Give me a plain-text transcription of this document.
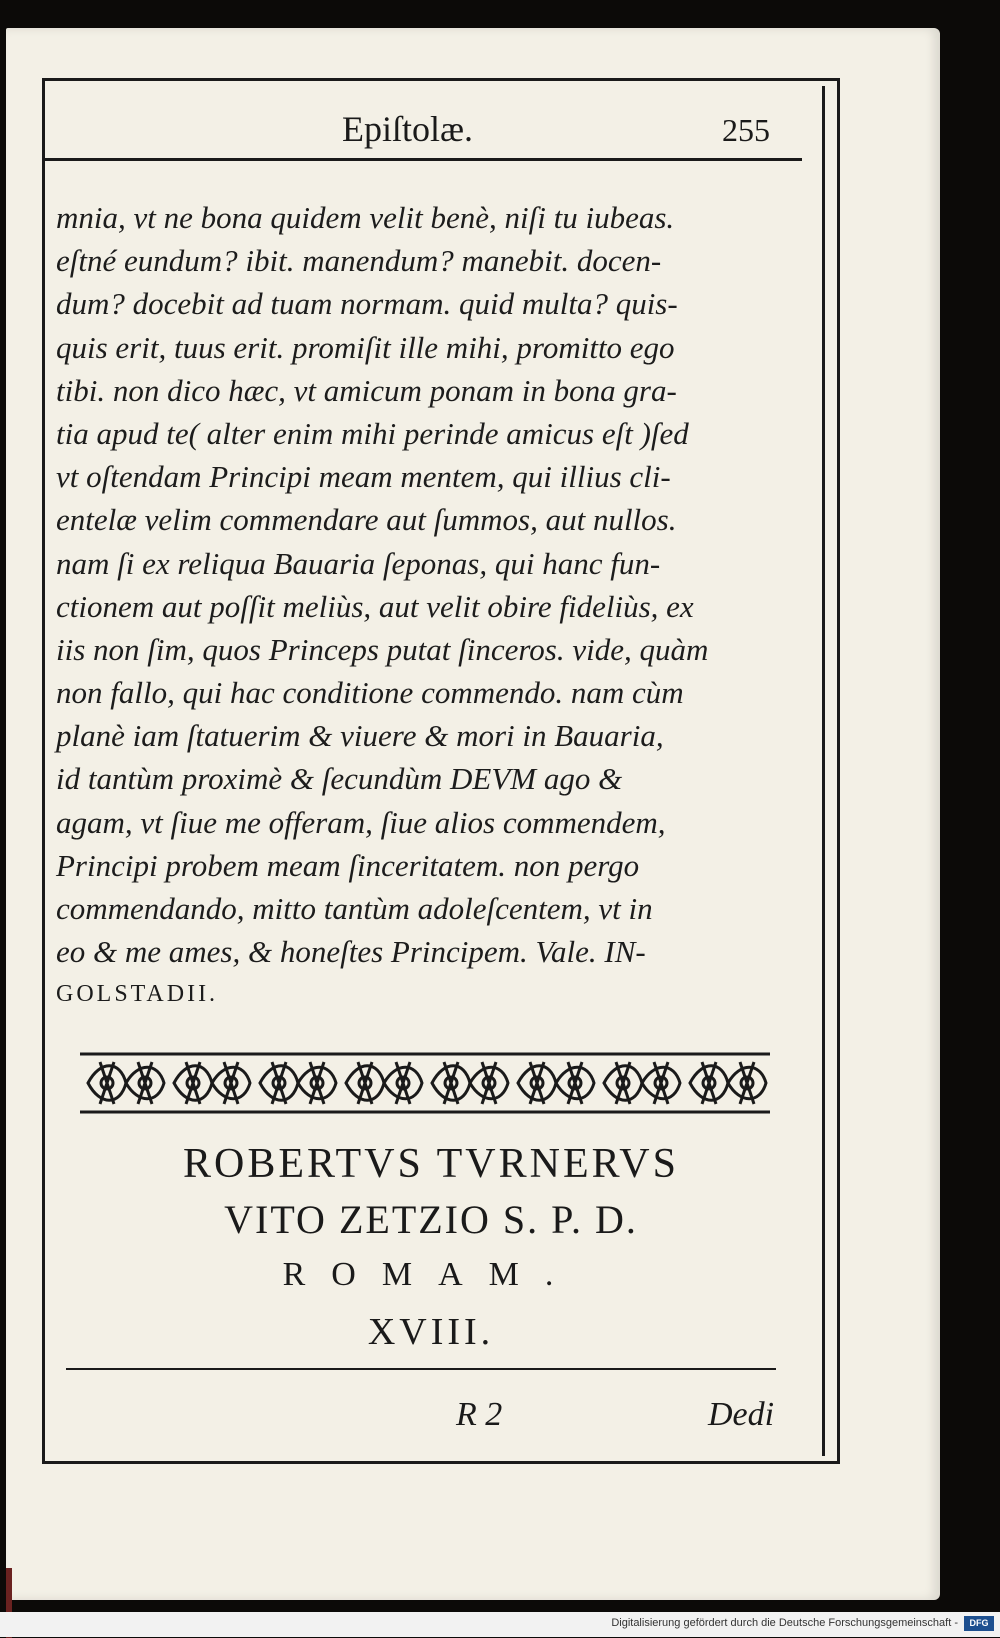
Epiſtolæ.	255
mnia, vt ne bona quidem velit benè, niſi tu iubeas.
eſtné eundum? ibit. manendum? manebit. docen-
dum? docebit ad tuam normam. quid multa? quis-
quis erit, tuus erit. promiſit ille mihi, promitto ego
tibi. non dico hæc, vt amicum ponam in bona gra-
tia apud te( alter enim mihi perinde amicus eſt )ſed
vt oſtendam Principi meam mentem, qui illius cli-
entelæ velim commendare aut ſummos, aut nullos.
nam ſi ex reliqua Bauaria ſeponas, qui hanc fun-
ctionem aut poſſit meliùs, aut velit obire fideliùs, ex
iis non ſim, quos Princeps putat ſinceros. vide, quàm
non fallo, qui hac conditione commendo. nam cùm
planè iam ſtatuerim & viuere & mori in Bauaria,
id tantùm proximè & ſecundùm DEVM ago &
agam, vt ſiue me offeram, ſiue alios commendem,
Principi probem meam ſinceritatem. non pergo
commendando, mitto tantùm adoleſcentem, vt in
eo & me ames, & honeſtes Principem. Vale. IN-
GOLSTADII.
ROBERTVS TVRNERVS
VITO ZETZIO S. P. D.
ROMAM.
XVIII.
R 2	Dedi
Digitalisierung gefördert durch die Deutsche Forschungsgemeinschaft -	DFG
